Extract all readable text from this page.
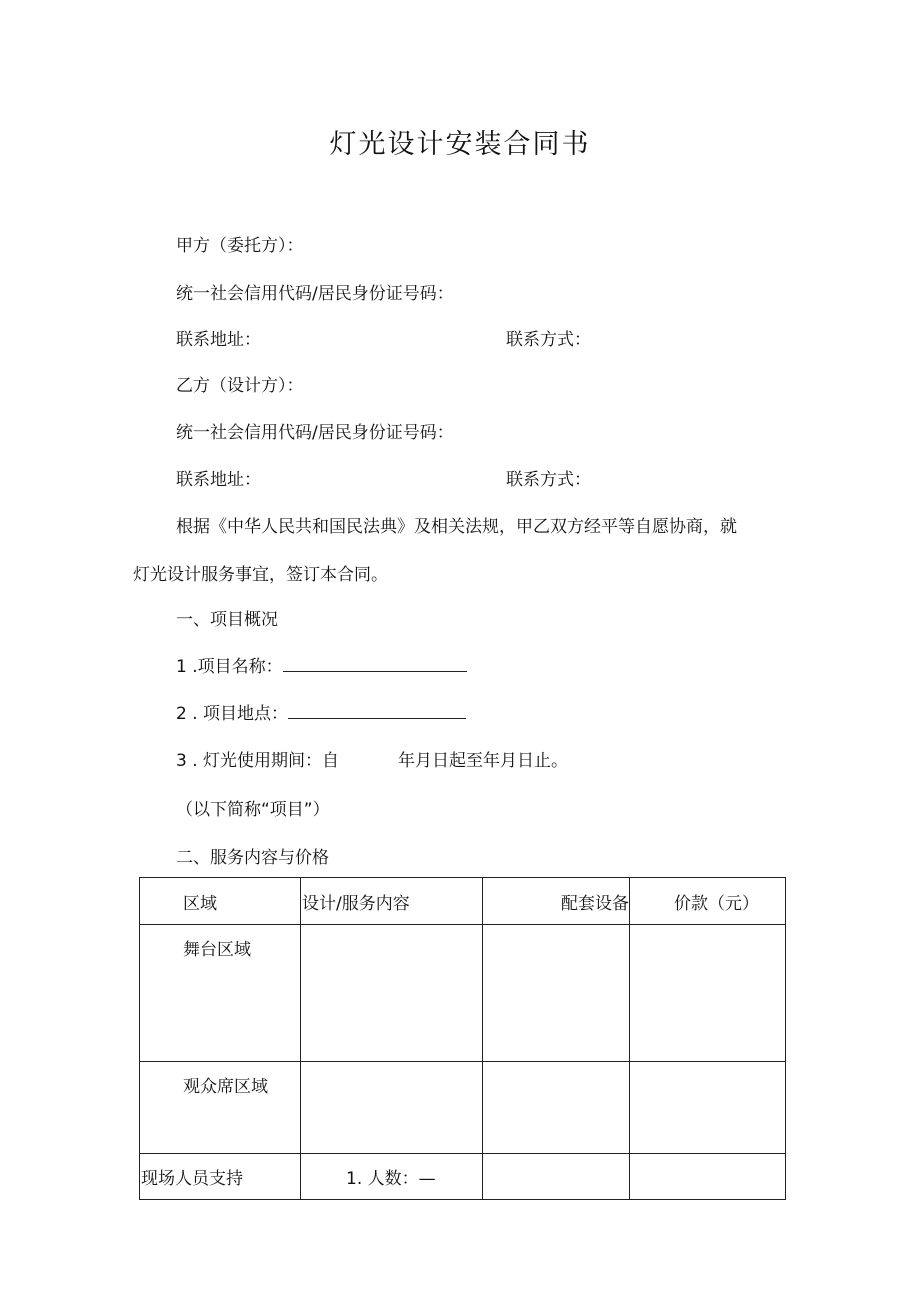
灯光设计安装合同书
甲方（委托方）：
统一社会信用代码/居民身份证号码：
联系地址：	联系方式：
乙方（设计方）：
统一社会信用代码/居民身份证号码：
联系地址：	联系方式：
根据《中华人民共和国民法典》及相关法规，甲乙双方经平等自愿协商，就
灯光设计服务事宜，签订本合同。
一、项目概况
1 .项目名称：
2 . 项目地点：
3 . 灯光使用期间：自	年月日起至年月日止。
（以下简称“项目”）
二、服务内容与价格
区域	设计/服务内容	配套设备	价款（元）
舞台区域			
观众席区域			
现场人员支持	1. 人数：—		
